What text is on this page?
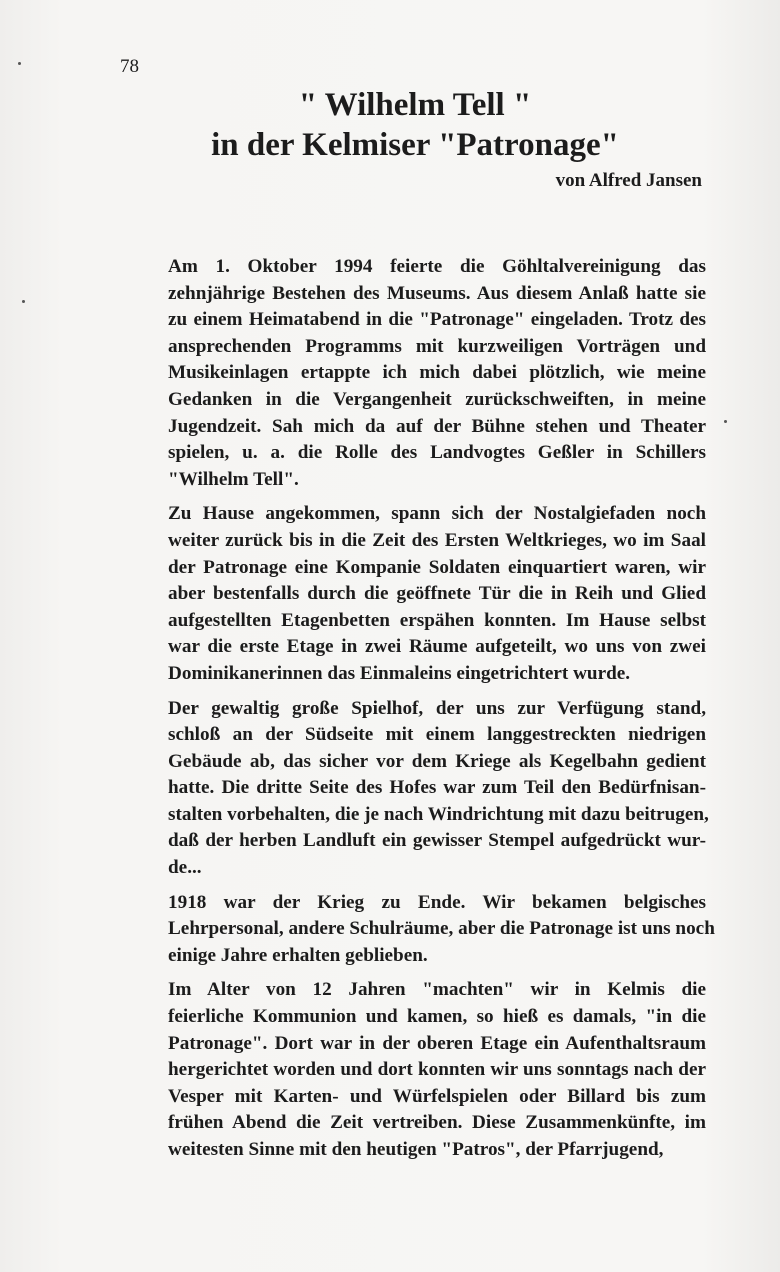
78
" Wilhelm Tell "
in der Kelmiser "Patronage"
von Alfred Jansen

Am 1. Oktober 1994 feierte die Göhltalvereinigung das
zehnjährige Bestehen des Museums. Aus diesem Anlaß hatte sie
zu einem Heimatabend in die "Patronage" eingeladen. Trotz des
ansprechenden Programms mit kurzweiligen Vorträgen und
Musikeinlagen ertappte ich mich dabei plötzlich, wie meine
Gedanken in die Vergangenheit zurückschweiften, in meine
Jugendzeit. Sah mich da auf der Bühne stehen und Theater
spielen, u. a. die Rolle des Landvogtes Geßler in Schillers
"Wilhelm Tell".

Zu Hause angekommen, spann sich der Nostalgiefaden noch
weiter zurück bis in die Zeit des Ersten Weltkrieges, wo im Saal
der Patronage eine Kompanie Soldaten einquartiert waren, wir
aber bestenfalls durch die geöffnete Tür die in Reih und Glied
aufgestellten Etagenbetten erspähen konnten. Im Hause selbst
war die erste Etage in zwei Räume aufgeteilt, wo uns von zwei
Dominikanerinnen das Einmaleins eingetrichtert wurde.

Der gewaltig große Spielhof, der uns zur Verfügung stand,
schloß an der Südseite mit einem langgestreckten niedrigen
Gebäude ab, das sicher vor dem Kriege als Kegelbahn gedient
hatte. Die dritte Seite des Hofes war zum Teil den Bedürfnisan-
stalten vorbehalten, die je nach Windrichtung mit dazu beitrugen,
daß der herben Landluft ein gewisser Stempel aufgedrückt wur-
de...

1918 war der Krieg zu Ende. Wir bekamen belgisches
Lehrpersonal, andere Schulräume, aber die Patronage ist uns noch
einige Jahre erhalten geblieben.

Im Alter von 12 Jahren "machten" wir in Kelmis die
feierliche Kommunion und kamen, so hieß es damals, "in die
Patronage". Dort war in der oberen Etage ein Aufenthaltsraum
hergerichtet worden und dort konnten wir uns sonntags nach der
Vesper mit Karten- und Würfelspielen oder Billard bis zum
frühen Abend die Zeit vertreiben. Diese Zusammenkünfte, im
weitesten Sinne mit den heutigen "Patros", der Pfarrjugend,
